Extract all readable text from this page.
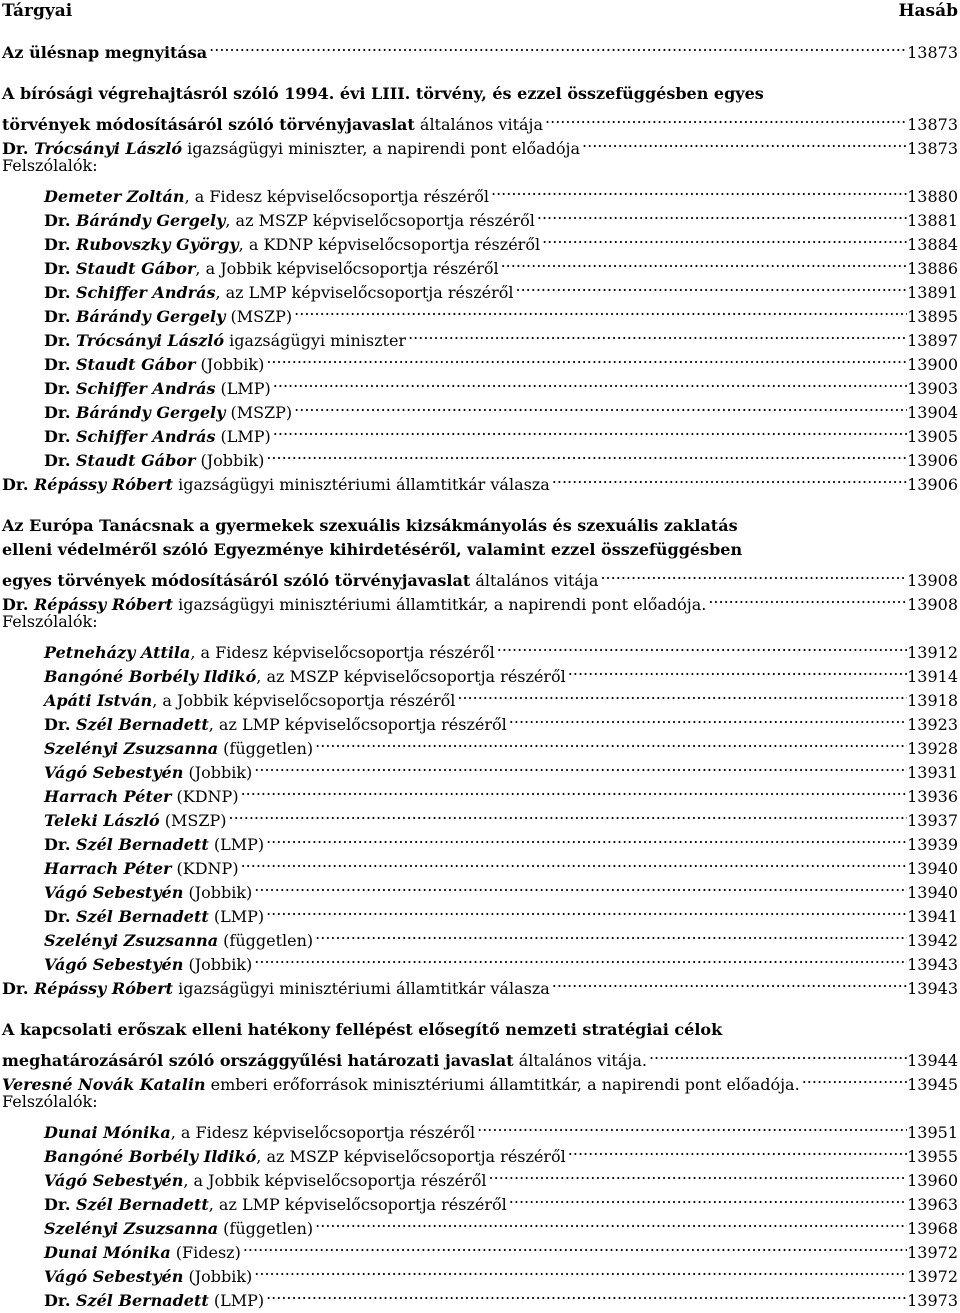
Tárgyai	Hasáb
Az ülésnap megnyitása .....	13873
A bírósági végrehajtásról szóló 1994. évi LIII. törvény, és ezzel összefüggésben egyes
törvények módosításáról szóló törvényjavaslat általános vitája .....	13873
Dr. Trócsányi László igazságügyi miniszter, a napirendi pont előadója .....	13873
Felszólalók:
Demeter Zoltán, a Fidesz képviselőcsoportja részéről .....	13880
Dr. Bárándy Gergely, az MSZP képviselőcsoportja részéről .....	13881
Dr. Rubovszky György, a KDNP képviselőcsoportja részéről .....	13884
Dr. Staudt Gábor, a Jobbik képviselőcsoportja részéről .....	13886
Dr. Schiffer András, az LMP képviselőcsoportja részéről .....	13891
Dr. Bárándy Gergely (MSZP) .....	13895
Dr. Trócsányi László igazságügyi miniszter .....	13897
Dr. Staudt Gábor (Jobbik) .....	13900
Dr. Schiffer András (LMP) .....	13903
Dr. Bárándy Gergely (MSZP) .....	13904
Dr. Schiffer András (LMP) .....	13905
Dr. Staudt Gábor (Jobbik) .....	13906
Dr. Répássy Róbert igazságügyi minisztériumi államtitkár válasza .....	13906
Az Európa Tanácsnak a gyermekek szexuális kizsákmányolás és szexuális zaklatás
elleni védelméről szóló Egyezménye kihirdetéséről, valamint ezzel összefüggésben
egyes törvények módosításáról szóló törvényjavaslat általános vitája .....	13908
Dr. Répássy Róbert igazságügyi minisztériumi államtitkár, a napirendi pont előadója. .....	13908
Felszólalók:
Petneházy Attila, a Fidesz képviselőcsoportja részéről .....	13912
Bangóné Borbély Ildikó, az MSZP képviselőcsoportja részéről .....	13914
Apáti István, a Jobbik képviselőcsoportja részéről .....	13918
Dr. Szél Bernadett, az LMP képviselőcsoportja részéről .....	13923
Szelényi Zsuzsanna (független) .....	13928
Vágó Sebestyén (Jobbik) .....	13931
Harrach Péter (KDNP) .....	13936
Teleki László (MSZP) .....	13937
Dr. Szél Bernadett (LMP) .....	13939
Harrach Péter (KDNP) .....	13940
Vágó Sebestyén (Jobbik) .....	13940
Dr. Szél Bernadett (LMP) .....	13941
Szelényi Zsuzsanna (független) .....	13942
Vágó Sebestyén (Jobbik) .....	13943
Dr. Répássy Róbert igazságügyi minisztériumi államtitkár válasza .....	13943
A kapcsolati erőszak elleni hatékony fellépést elősegítő nemzeti stratégiai célok
meghatározásáról szóló országgyűlési határozati javaslat általános vitája. .....	13944
Veresné Novák Katalin emberi erőforrások minisztériumi államtitkár, a napirendi pont előadója. .....	13945
Felszólalók:
Dunai Mónika, a Fidesz képviselőcsoportja részéről .....	13951
Bangóné Borbély Ildikó, az MSZP képviselőcsoportja részéről .....	13955
Vágó Sebestyén, a Jobbik képviselőcsoportja részéről .....	13960
Dr. Szél Bernadett, az LMP képviselőcsoportja részéről .....	13963
Szelényi Zsuzsanna (független) .....	13968
Dunai Mónika (Fidesz) .....	13972
Vágó Sebestyén (Jobbik) .....	13972
Dr. Szél Bernadett (LMP) .....	13973
